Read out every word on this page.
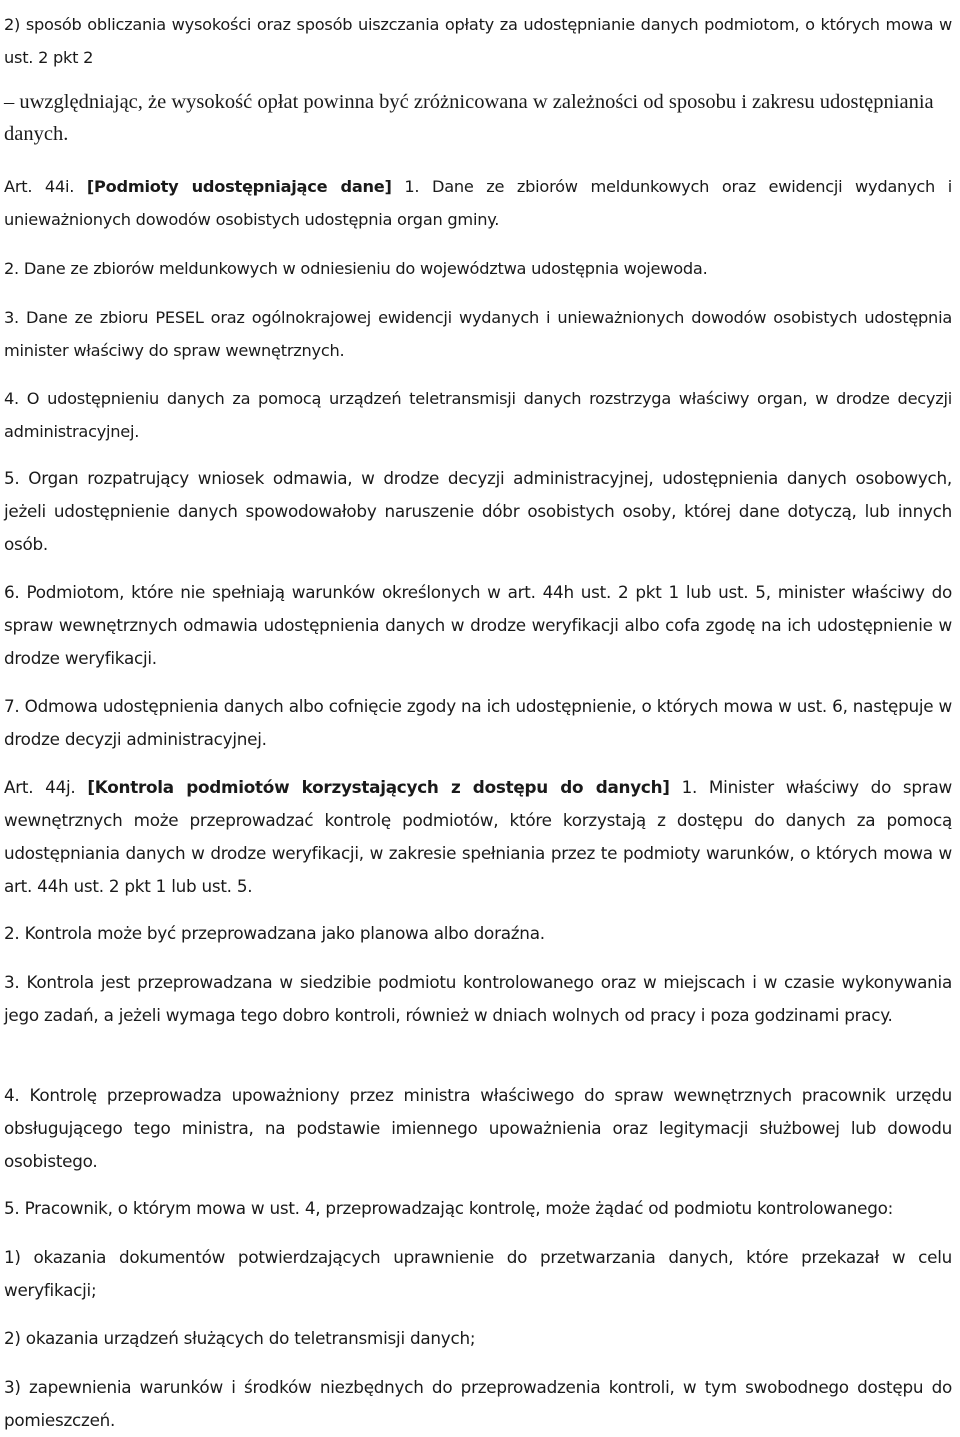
2) sposób obliczania wysokości oraz sposób uiszczania opłaty za udostępnianie danych podmiotom, o których mowa w ust. 2 pkt 2

– uwzględniając, że wysokość opłat powinna być zróżnicowana w zależności od sposobu i zakresu udostępniania danych.

Art. 44i. [Podmioty udostępniające dane] 1. Dane ze zbiorów meldunkowych oraz ewidencji wydanych i unieważnionych dowodów osobistych udostępnia organ gminy.

2. Dane ze zbiorów meldunkowych w odniesieniu do województwa udostępnia wojewoda.

3. Dane ze zbioru PESEL oraz ogólnokrajowej ewidencji wydanych i unieważnionych dowodów osobistych udostępnia minister właściwy do spraw wewnętrznych.

4. O udostępnieniu danych za pomocą urządzeń teletransmisji danych rozstrzyga właściwy organ, w drodze decyzji administracyjnej.

5. Organ rozpatrujący wniosek odmawia, w drodze decyzji administracyjnej, udostępnienia danych osobowych, jeżeli udostępnienie danych spowodowałoby naruszenie dóbr osobistych osoby, której dane dotyczą, lub innych osób.

6. Podmiotom, które nie spełniają warunków określonych w art. 44h ust. 2 pkt 1 lub ust. 5, minister właściwy do spraw wewnętrznych odmawia udostępnienia danych w drodze weryfikacji albo cofa zgodę na ich udostępnienie w drodze weryfikacji.

7. Odmowa udostępnienia danych albo cofnięcie zgody na ich udostępnienie, o których mowa w ust. 6, następuje w drodze decyzji administracyjnej.

Art. 44j. [Kontrola podmiotów korzystających z dostępu do danych] 1. Minister właściwy do spraw wewnętrznych może przeprowadzać kontrolę podmiotów, które korzystają z dostępu do danych za pomocą udostępniania danych w drodze weryfikacji, w zakresie spełniania przez te podmioty warunków, o których mowa w art. 44h ust. 2 pkt 1 lub ust. 5.

2. Kontrola może być przeprowadzana jako planowa albo doraźna.

3. Kontrola jest przeprowadzana w siedzibie podmiotu kontrolowanego oraz w miejscach i w czasie wykonywania jego zadań, a jeżeli wymaga tego dobro kontroli, również w dniach wolnych od pracy i poza godzinami pracy.

4. Kontrolę przeprowadza upoważniony przez ministra właściwego do spraw wewnętrznych pracownik urzędu obsługującego tego ministra, na podstawie imiennego upoważnienia oraz legitymacji służbowej lub dowodu osobistego.

5. Pracownik, o którym mowa w ust. 4, przeprowadzając kontrolę, może żądać od podmiotu kontrolowanego:

1) okazania dokumentów potwierdzających uprawnienie do przetwarzania danych, które przekazał w celu weryfikacji;

2) okazania urządzeń służących do teletransmisji danych;

3) zapewnienia warunków i środków niezbędnych do przeprowadzenia kontroli, w tym swobodnego dostępu do pomieszczeń.
